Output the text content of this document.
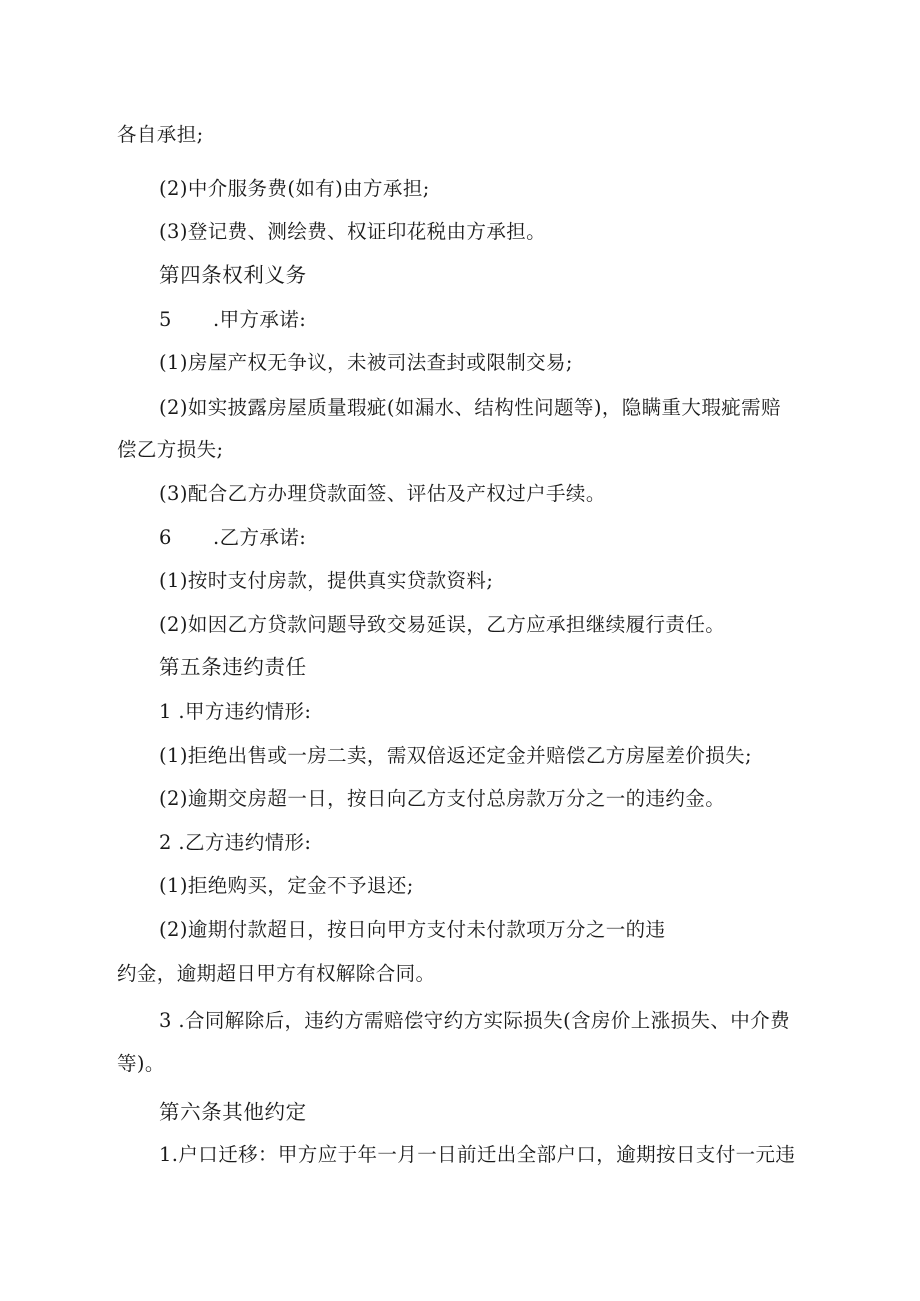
各自承担;

(2)中介服务费(如有)由方承担;

(3)登记费、测绘费、权证印花税由方承担。

第四条权利义务

5 .甲方承诺:

(1)房屋产权无争议，未被司法查封或限制交易;

(2)如实披露房屋质量瑕疵(如漏水、结构性问题等)，隐瞒重大瑕疵需赔

偿乙方损失;

(3)配合乙方办理贷款面签、评估及产权过户手续。

6 .乙方承诺:

(1)按时支付房款，提供真实贷款资料;

(2)如因乙方贷款问题导致交易延误，乙方应承担继续履行责任。

第五条违约责任

1 .甲方违约情形:

(1)拒绝出售或一房二卖，需双倍返还定金并赔偿乙方房屋差价损失;

(2)逾期交房超一日，按日向乙方支付总房款万分之一的违约金。

2 .乙方违约情形:

(1)拒绝购买，定金不予退还;

(2)逾期付款超日，按日向甲方支付未付款项万分之一的违

约金，逾期超日甲方有权解除合同。

3 .合同解除后，违约方需赔偿守约方实际损失(含房价上涨损失、中介费

等)。

第六条其他约定

1.户口迁移：甲方应于年一月一日前迁出全部户口，逾期按日支付一元违
